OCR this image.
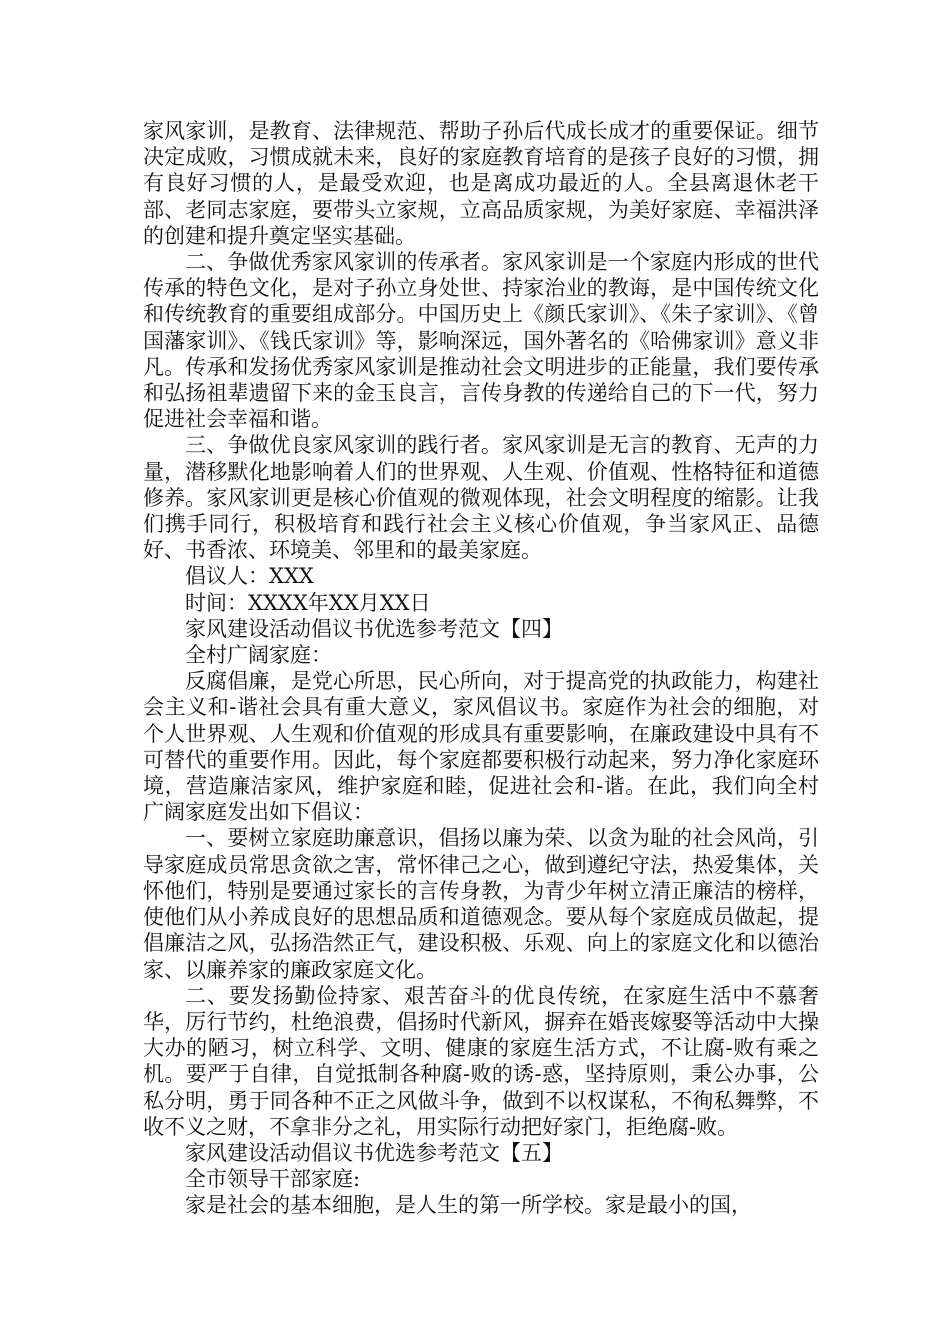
家风家训，是教育、法律规范、帮助子孙后代成长成才的重要保证。细节决定成败，习惯成就未来，良好的家庭教育培育的是孩子良好的习惯，拥有良好习惯的人，是最受欢迎，也是离成功最近的人。全县离退休老干部、老同志家庭，要带头立家规，立高品质家规，为美好家庭、幸福洪泽的创建和提升奠定坚实基础。

二、争做优秀家风家训的传承者。家风家训是一个家庭内形成的世代传承的特色文化，是对子孙立身处世、持家治业的教诲，是中国传统文化和传统教育的重要组成部分。中国历史上《颜氏家训》、《朱子家训》、《曾国藩家训》、《钱氏家训》等，影响深远，国外著名的《哈佛家训》意义非凡。传承和发扬优秀家风家训是推动社会文明进步的正能量，我们要传承和弘扬祖辈遗留下来的金玉良言，言传身教的传递给自己的下一代，努力促进社会幸福和谐。

三、争做优良家风家训的践行者。家风家训是无言的教育、无声的力量，潜移默化地影响着人们的世界观、人生观、价值观、性格特征和道德修养。家风家训更是核心价值观的微观体现，社会文明程度的缩影。让我们携手同行，积极培育和践行社会主义核心价值观，争当家风正、品德好、书香浓、环境美、邻里和的最美家庭。

倡议人：XXX

时间：XXXX年XX月XX日

家风建设活动倡议书优选参考范文【四】

全村广阔家庭：

反腐倡廉，是党心所思，民心所向，对于提高党的执政能力，构建社会主义和-谐社会具有重大意义，家风倡议书。家庭作为社会的细胞，对个人世界观、人生观和价值观的形成具有重要影响，在廉政建设中具有不可替代的重要作用。因此，每个家庭都要积极行动起来，努力净化家庭环境，营造廉洁家风，维护家庭和睦，促进社会和-谐。在此，我们向全村广阔家庭发出如下倡议：

一、要树立家庭助廉意识，倡扬以廉为荣、以贪为耻的社会风尚，引导家庭成员常思贪欲之害，常怀律己之心，做到遵纪守法，热爱集体，关怀他们，特别是要通过家长的言传身教，为青少年树立清正廉洁的榜样，使他们从小养成良好的思想品质和道德观念。要从每个家庭成员做起，提倡廉洁之风，弘扬浩然正气，建设积极、乐观、向上的家庭文化和以德治家、以廉养家的廉政家庭文化。

二、要发扬勤俭持家、艰苦奋斗的优良传统，在家庭生活中不慕奢华，厉行节约，杜绝浪费，倡扬时代新风，摒弃在婚丧嫁娶等活动中大操大办的陋习，树立科学、文明、健康的家庭生活方式，不让腐-败有乘之机。要严于自律，自觉抵制各种腐-败的诱-惑，坚持原则，秉公办事，公私分明，勇于同各种不正之风做斗争，做到不以权谋私，不徇私舞弊，不收不义之财，不拿非分之礼，用实际行动把好家门，拒绝腐-败。

家风建设活动倡议书优选参考范文【五】

全市领导干部家庭:

家是社会的基本细胞，是人生的第一所学校。家是最小的国，
